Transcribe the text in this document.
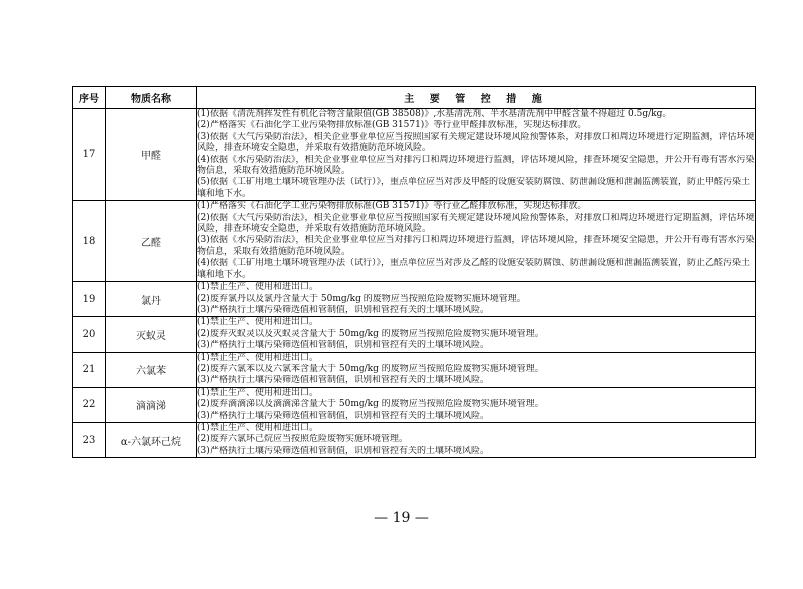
序号	物质名称	主 要 管 控 措 施
17	甲醛	(1)依据《清洗剂挥发性有机化合物含量限值(GB 38508)》,水基清洗剂、半水基清洗剂中甲醛含量不得超过 0.5g/kg。
(2)严格落实《石油化学工业污染物排放标准(GB 31571)》等行业甲醛排放标准，实现达标排放。
(3)依据《大气污染防治法》，相关企业事业单位应当按照国家有关规定建设环境风险预警体系，对排放口和周边环境进行定期监测，评估环境风险，排查环境安全隐患，并采取有效措施防范环境风险。
(4)依据《水污染防治法》，相关企业事业单位应当对排污口和周边环境进行监测，评估环境风险，排查环境安全隐患，并公开有毒有害水污染物信息，采取有效措施防范环境风险。
(5)依据《工矿用地土壤环境管理办法（试行）》，重点单位应当对涉及甲醛的设施安装防腐蚀、防泄漏设施和泄漏监测装置，防止甲醛污染土壤和地下水。

18	乙醛	(1)严格落实《石油化学工业污染物排放标准(GB 31571)》等行业乙醛排放标准，实现达标排放。
(2)依据《大气污染防治法》，相关企业事业单位应当按照国家有关规定建设环境风险预警体系，对排放口和周边环境进行定期监测，评估环境风险，排查环境安全隐患，并采取有效措施防范环境风险。
(3)依据《水污染防治法》，相关企业事业单位应当对排污口和周边环境进行监测，评估环境风险，排查环境安全隐患，并公开有毒有害水污染物信息，采取有效措施防范环境风险。
(4)依据《工矿用地土壤环境管理办法（试行）》，重点单位应当对涉及乙醛的设施安装防腐蚀、防泄漏设施和泄漏监测装置，防止乙醛污染土壤和地下水。

19	氯丹	(1)禁止生产、使用和进出口。
(2)废弃氯丹以及氯丹含量大于 50mg/kg 的废物应当按照危险废物实施环境管理。
(3)严格执行土壤污染筛选值和管制值，识别和管控有关的土壤环境风险。

20	灭蚁灵	(1)禁止生产、使用和进出口。
(2)废弃灭蚁灵以及灭蚁灵含量大于 50mg/kg 的废物应当按照危险废物实施环境管理。
(3)严格执行土壤污染筛选值和管制值，识别和管控有关的土壤环境风险。

21	六氯苯	(1)禁止生产、使用和进出口。
(2)废弃六氯苯以及六氯苯含量大于 50mg/kg 的废物应当按照危险废物实施环境管理。
(3)严格执行土壤污染筛选值和管制值，识别和管控有关的土壤环境风险。

22	滴滴涕	(1)禁止生产、使用和进出口。
(2)废弃滴滴涕以及滴滴涕含量大于 50mg/kg 的废物应当按照危险废物实施环境管理。
(3)严格执行土壤污染筛选值和管制值，识别和管控有关的土壤环境风险。

23	α-六氯环己烷	(1)禁止生产、使用和进出口。
(2)废弃六氯环己烷应当按照危险废物实施环境管理。
(3)严格执行土壤污染筛选值和管制值，识别和管控有关的土壤环境风险。
— 19 —
